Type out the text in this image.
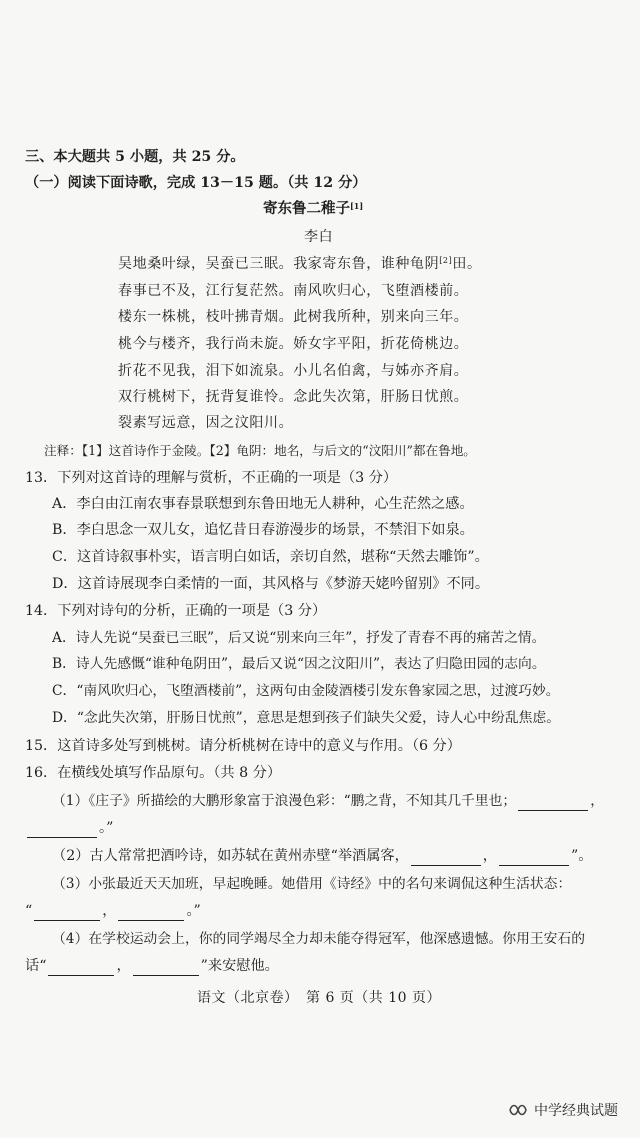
三、本大题共 5 小题，共 25 分。
（一）阅读下面诗歌，完成 13－15 题。（共 12 分）
寄东鲁二稚子[1]
李白
吴地桑叶绿，吴蚕已三眠。我家寄东鲁，谁种龟阴[2]田。
春事已不及，江行复茫然。南风吹归心，飞堕酒楼前。
楼东一株桃，枝叶拂青烟。此树我所种，别来向三年。
桃今与楼齐，我行尚未旋。娇女字平阳，折花倚桃边。
折花不见我，泪下如流泉。小儿名伯禽，与姊亦齐肩。
双行桃树下，抚背复谁怜。念此失次第，肝肠日忧煎。
裂素写远意，因之汶阳川。
注释：【1】这首诗作于金陵。【2】龟阴：地名，与后文的“汶阳川”都在鲁地。
13．下列对这首诗的理解与赏析，不正确的一项是（3 分）
A．李白由江南农事春景联想到东鲁田地无人耕种，心生茫然之感。
B．李白思念一双儿女，追忆昔日春游漫步的场景，不禁泪下如泉。
C．这首诗叙事朴实，语言明白如话，亲切自然，堪称“天然去雕饰”。
D．这首诗展现李白柔情的一面，其风格与《梦游天姥吟留别》不同。
14．下列对诗句的分析，正确的一项是（3 分）
A．诗人先说“吴蚕已三眠”，后又说“别来向三年”，抒发了青春不再的痛苦之情。
B．诗人先感慨“谁种龟阴田”，最后又说“因之汶阳川”，表达了归隐田园的志向。
C．“南风吹归心，飞堕酒楼前”，这两句由金陵酒楼引发东鲁家园之思，过渡巧妙。
D．“念此失次第，肝肠日忧煎”，意思是想到孩子们缺失父爱，诗人心中纷乱焦虑。
15．这首诗多处写到桃树。请分析桃树在诗中的意义与作用。（6 分）
16．在横线处填写作品原句。（共 8 分）
（1）《庄子》所描绘的大鹏形象富于浪漫色彩：“鹏之背，不知其几千里也；	，
。”
（2）古人常常把酒吟诗，如苏轼在黄州赤壁“举酒属客，	，	”。
（3）小张最近天天加班，早起晚睡。她借用《诗经》中的名句来调侃这种生活状态：
“	，	。”
（4）在学校运动会上，你的同学竭尽全力却未能夺得冠军，他深感遗憾。你用王安石的
话“	，	”来安慰他。
语文（北京卷）　第 6 页（共 10 页）
中学经典试题
